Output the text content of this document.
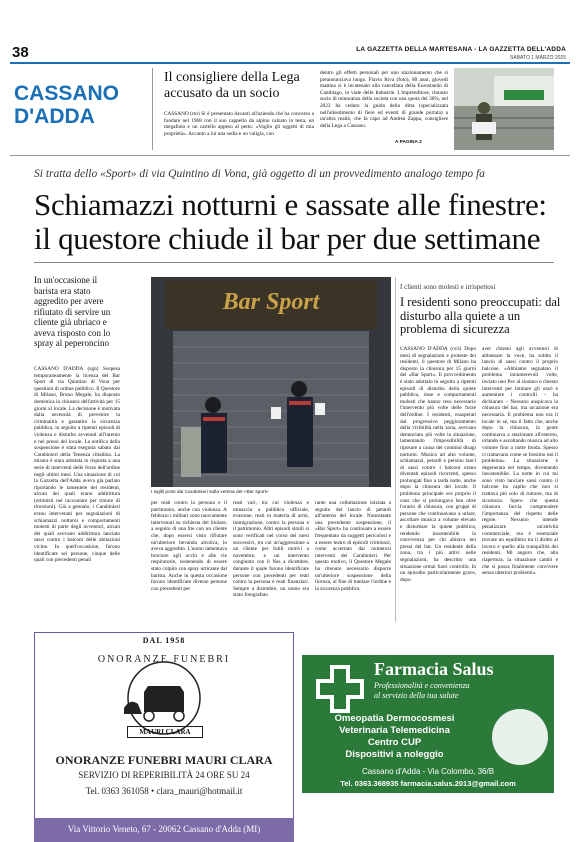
38	LA GAZZETTA DELLA MARTESANA - LA GAZZETTA DELL'ADDA
SABATO 1 MARZO 2025
CASSANO
D'ADDA
Il consigliere della Lega accusato da un socio
CASSANO (rto) Si è presentato davanti all'azienda che ha concorso a fondare nel 1968 con il suo cappello da alpino calzato in testa, un megafono e un cartello appeso al petto: «Voglio gli oggetti di mia proprietà». Accanto a lui una sedia e un valigia, con
dentro gli effetti personali per uno stazionamento che si preannunciava lungo. Flavio Riva (foto), 80 anni, giovedì mattina si è incatenato alla cancellata della Eurostando di Cambiago, in viale delle Industrie. L'imprenditore, rimasto socio di minoranza della società con una quota del 30%, nel 2022 ha ceduto la guida della ditta (specializzata nell'allestimento di fiere ed eventi di grande portata) a un'altra realtà, che fa capo ad Andrea Zappa, consigliere della Lega a Cassano.
A PAGINA 2
Si tratta dello «Sport» di via Quintino di Vona, già oggetto di un provvedimento analogo tempo fa
Schiamazzi notturni e sassate alle finestre:
il questore chiude il bar per due settimane
In un'occasione il barista era stato aggredito per avere rifiutato di servire un cliente già ubriaco e aveva risposto con lo spray al peperoncino
Bar Sport
I sigilli posti dai Carabinieri sulla vetrina del «Bar sport»
CASSANO D'ADDA (sgn) Sospesa temporaneamente la licenza del Bar Sport di via Quintino di Vona per questioni di ordine pubblico. Il Questore di Milano, Bruno Megale, ha disposto domenica la chiusura dell'attività per 15 giorni al locale. La decisione è motivata dalla necessità di prevenire la criminalità e garantire la sicurezza pubblica, in seguito a ripetuti episodi di violenza e disturbo avvenuti all'interno e nei pressi del locale. La notifica della sospensione è stata eseguita sabato dai Carabinieri della Tenenza cittadina. La misura è stata adottata in risposta a una serie di interventi delle forze dell'ordine negli ultimi mesi. Una situazione di cui la Gazzetta dell'Adda aveva già parlato riportando le lamentele dei residenti, alcuni dei quali erano addirittura (ottimisti nel raccontare per timore di ritorsioni). Già a gennaio, i Carabinieri erano intervenuti per segnalazioni di schiamazzi notturni e comportamenti molesti di parte degli avventori, alcuni dei quali avevano addirittura lanciato sassi contro i balconi delle abitazioni vicine. In quell'occasione, furono identificate sei persone, cinque delle quali con precedenti penali
per reati contro la persona e il patrimonio, anche con violenza. A febbraio i militari sono nuovamente intervenuti su richiesta del titolare, a seguito di una lite con un cliente che, dopo essersi visto rifiutare un'ulteriore bevanda alcolica, lo aveva aggredito. L'uomo lamentava bruciore agli occhi e alle vie respiratorie, sostenendo di essere stato colpito con spray urticante dal barista. Anche in questa occasione furono identificate diverse persone con precedenti per
reati vari, tra cui violenza e minaccia a pubblico ufficiale, evasione, reati in materia di armi, immigrazione, contro la persona e il patrimonio. Altri episodi simili si sono verificati nel corso dei mesi successivi, tra cui un'aggressione a un cliente per futili motivi a novembre, e un intervento congiunto con il Nas a dicembre, durante il quale furono identificate persone con precedenti per reati contro la persona e reati finanziari. Sempre a dicembre, un uomo era stato fotografato
rante una colluttazione iniziata a seguito del lancio di petardi all'interno del locale. Nonostante una precedente sospensione, il «Bar Sport» ha continuato a essere frequentato da soggetti pericolosi e a essere teatro di episodi criminosi, come accertato dai numerosi interventi dei Carabinieri. Per questo motivo, il Questore Megale ha ritenuto necessario disporre un'ulteriore sospensione della licenza, al fine di tutelare l'ordine e la sicurezza pubblica.
I clienti sono molesti e irrispettosi
I residenti sono preoccupati: dal disturbo alla quiete a un problema di sicurezza
CASSANO D'ADDA (ce3) Dopo mesi di segnalazioni e proteste dei residenti, il questore di Milano ha disposto la chiusura per 15 giorni del «Bar Sport». Il provvedimento è stato adottato in seguito a ripetuti episodi di disturbo della quiete pubblica, risse e comportamenti molesti che hanno reso necessario l'intervento più volte delle forze dell'ordine. I residenti, esasperati dal progressivo peggioramento della vivibilità nella zona, avevano denunciato più volte la situazione, lamentando l'impossibilità di riposare a causa dei continui disagi notturni. Musica ad alto volume, schiamazzi, petardi e persino lanci di sassi contro i balconi erano diventati episodi ricorrenti, spesso prolungati fino a tarda notte, anche dopo la chiusura del locale. Il problema principale era proprio il caos che si prolungava ben oltre l'orario di chiusura, con gruppi di persone che continuavano a urlare, ascoltare musica a volume elevato e disturbare la quiete pubblica, rendendo insostenibile la convivenza per chi abitava nei pressi del bar. Un residente della zona, tra i più attivi nelle segnalazioni, ha descritto una situazione ormai fuori controllo. In un episodio particolarmente grave, dopo
aver chiesto agli avventori di abbassare la voce, ha subìto il lancio di sassi contro il proprio balcone. «Abbiamo segnalato il problema innumerevoli volte, inviato uno Pec al sindaco e chiesto interventi per limitare gli orari e aumentare i controlli – ha dichiarato – Nessuno auspicava la chiusura del bar, ma un'azione era necessaria. Il problema non era il locale in sé, ma il fatto che, anche dopo la chiusura, la gente continuava a stazionare all'esterno, urlando e ascoltando musica ad alto volume fino a notte fonda. Spesso ci trattavano come se fossimo noi il problema». La situazione è degenerata nel tempo, diventando insostenibile. La notte in cui mi sono visto lanciare sassi contro il balcone ho capito che non si trattava più solo di rumore, ma di sicurezza. Spero che questa chiusura faccia comprendere l'importanza del rispetto delle regole. Nessuno intende penalizzare un'attività commerciale, ma è essenziale trovare un equilibrio tra il diritto al lavoro e quello alla tranquillità dei residenti. Mi auguro che, alla riapertura, la situazione cambi e che si possa finalmente convivere senza ulteriori problemi».
DAL 1958
ONORANZE FUNEBRI
MAURI CLARA
ONORANZE FUNEBRI MAURI CLARA
SERVIZIO DI REPERIBILITÀ 24 ORE SU 24
Tel. 0363 361058 • clara_mauri@hotmail.it
Via Vittorio Veneto, 67 - 20062 Cassano d'Adda (MI)
Farmacia Salus
Professionalità e convenienza
al servizio della tua salute
Omeopatia Dermocosmesi
Veterinaria Telemedicina
Centro CUP
Dispositivi a noleggio
Cassano d'Adda - Via Colombo, 36/B
Tel. 0363.368935 farmacia.salus.2013@gmail.com
